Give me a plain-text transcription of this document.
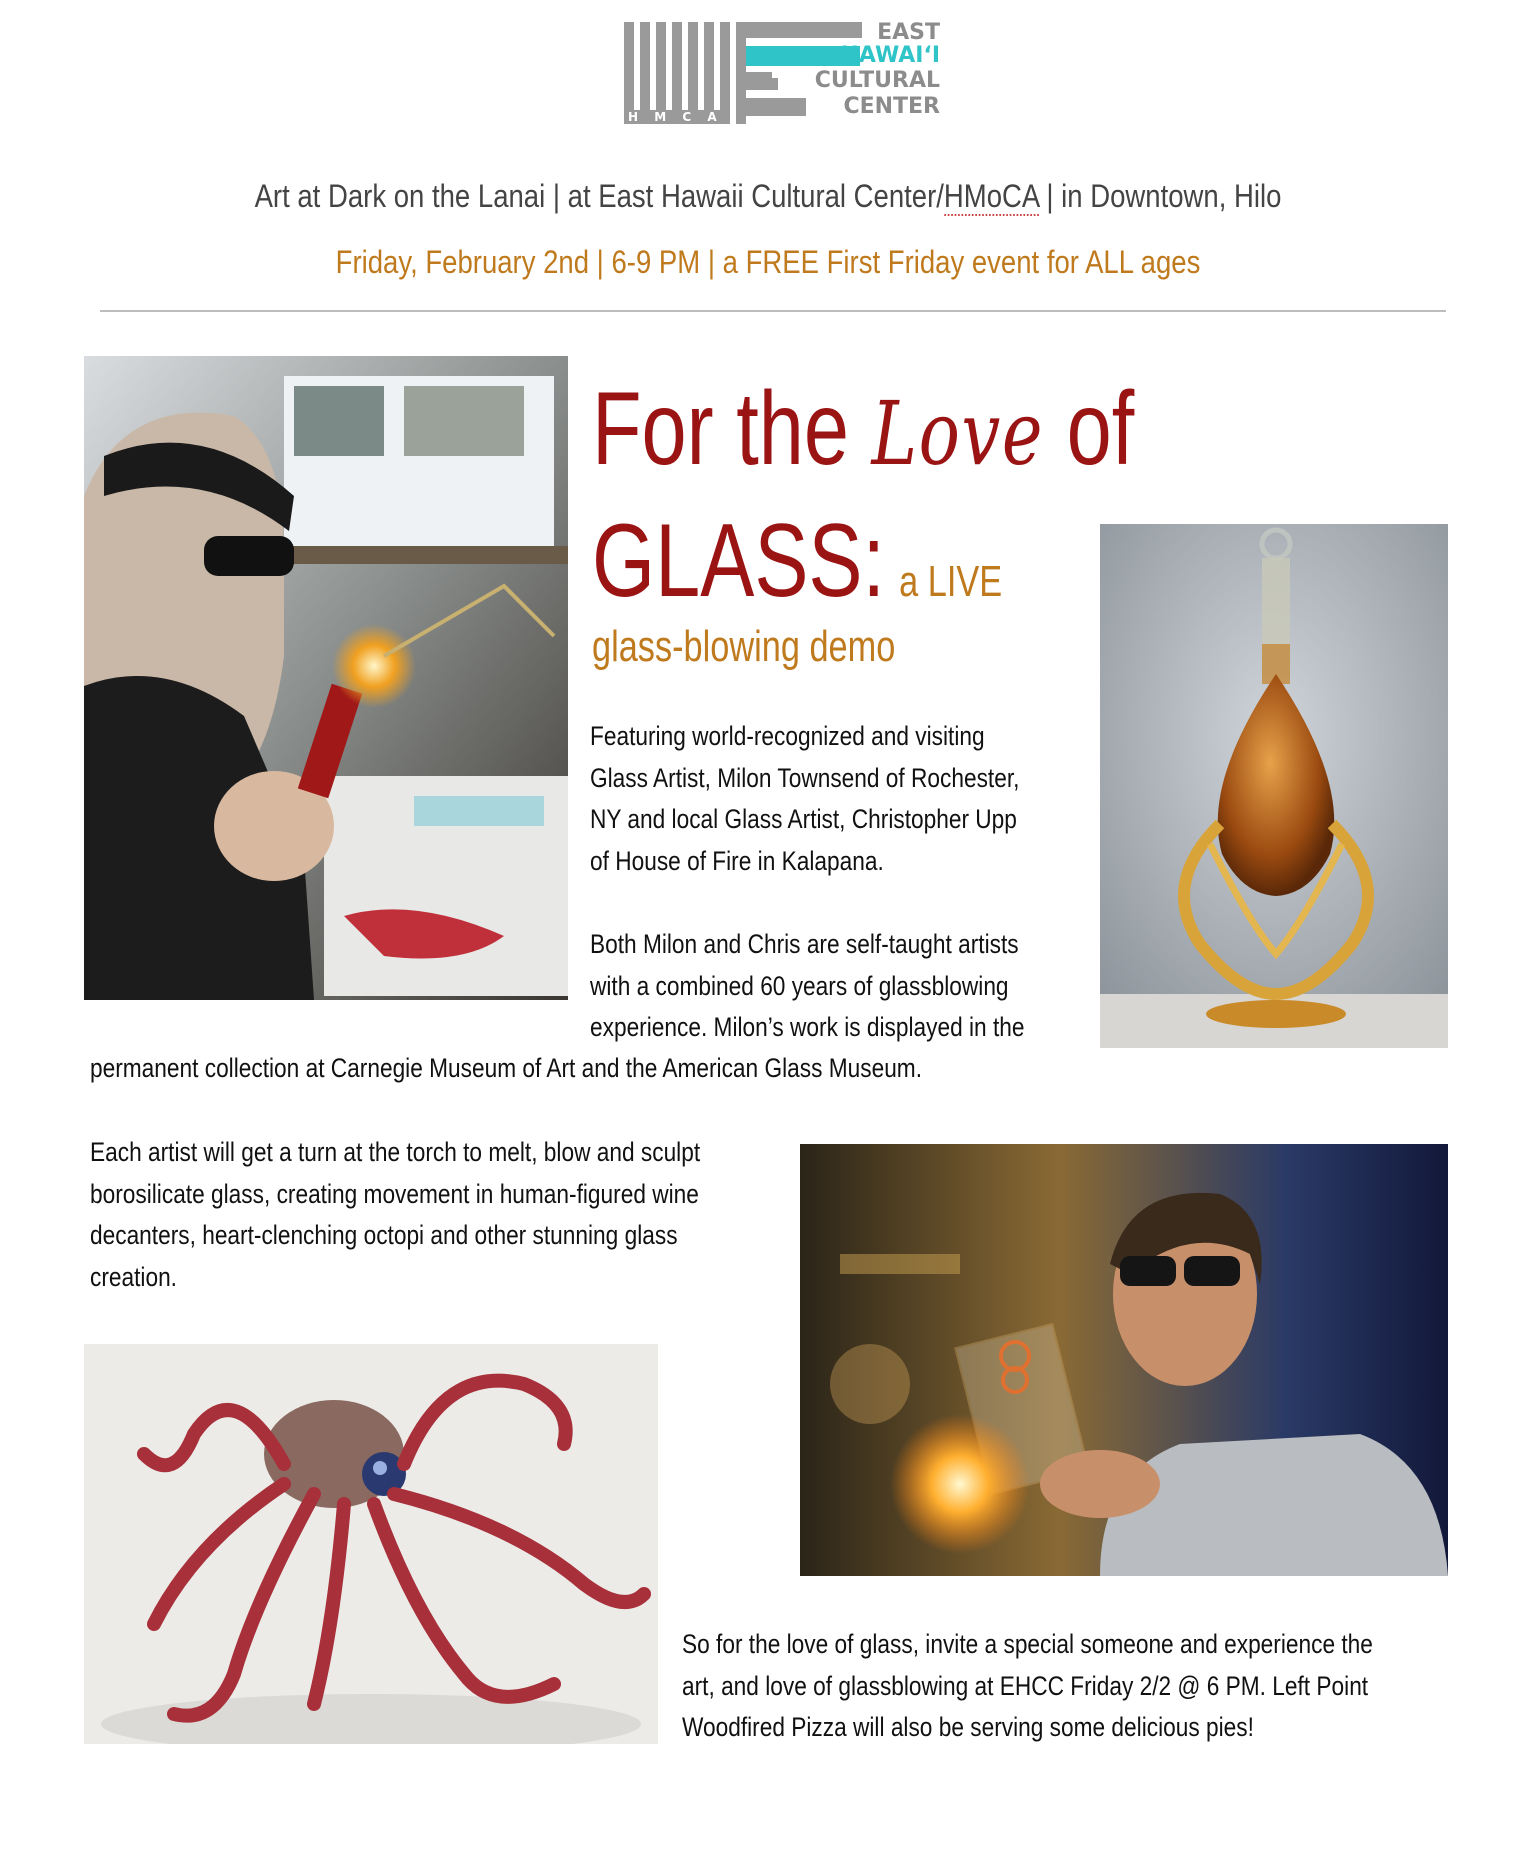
H M C A
EAST
HAWAIʻI
CULTURAL
CENTER
Art at Dark on the Lanai | at East Hawaii Cultural Center/HMoCA | in Downtown, Hilo
Friday, February 2nd | 6-9 PM | a FREE First Friday event for ALL ages
For the Love of
GLASS: a LIVE
glass-blowing demo
Featuring world-recognized and visiting
Glass Artist, Milon Townsend of Rochester,
NY and local Glass Artist, Christopher Upp
of House of Fire in Kalapana.
Both Milon and Chris are self-taught artists
with a combined 60 years of glassblowing
experience. Milon’s work is displayed in the
permanent collection at Carnegie Museum of Art and the American Glass Museum.
Each artist will get a turn at the torch to melt, blow and sculpt
borosilicate glass, creating movement in human-figured wine
decanters, heart-clenching octopi and other stunning glass
creation.
So for the love of glass, invite a special someone and experience the
art, and love of glassblowing at EHCC Friday 2/2 @ 6 PM. Left Point
Woodfired Pizza will also be serving some delicious pies!
